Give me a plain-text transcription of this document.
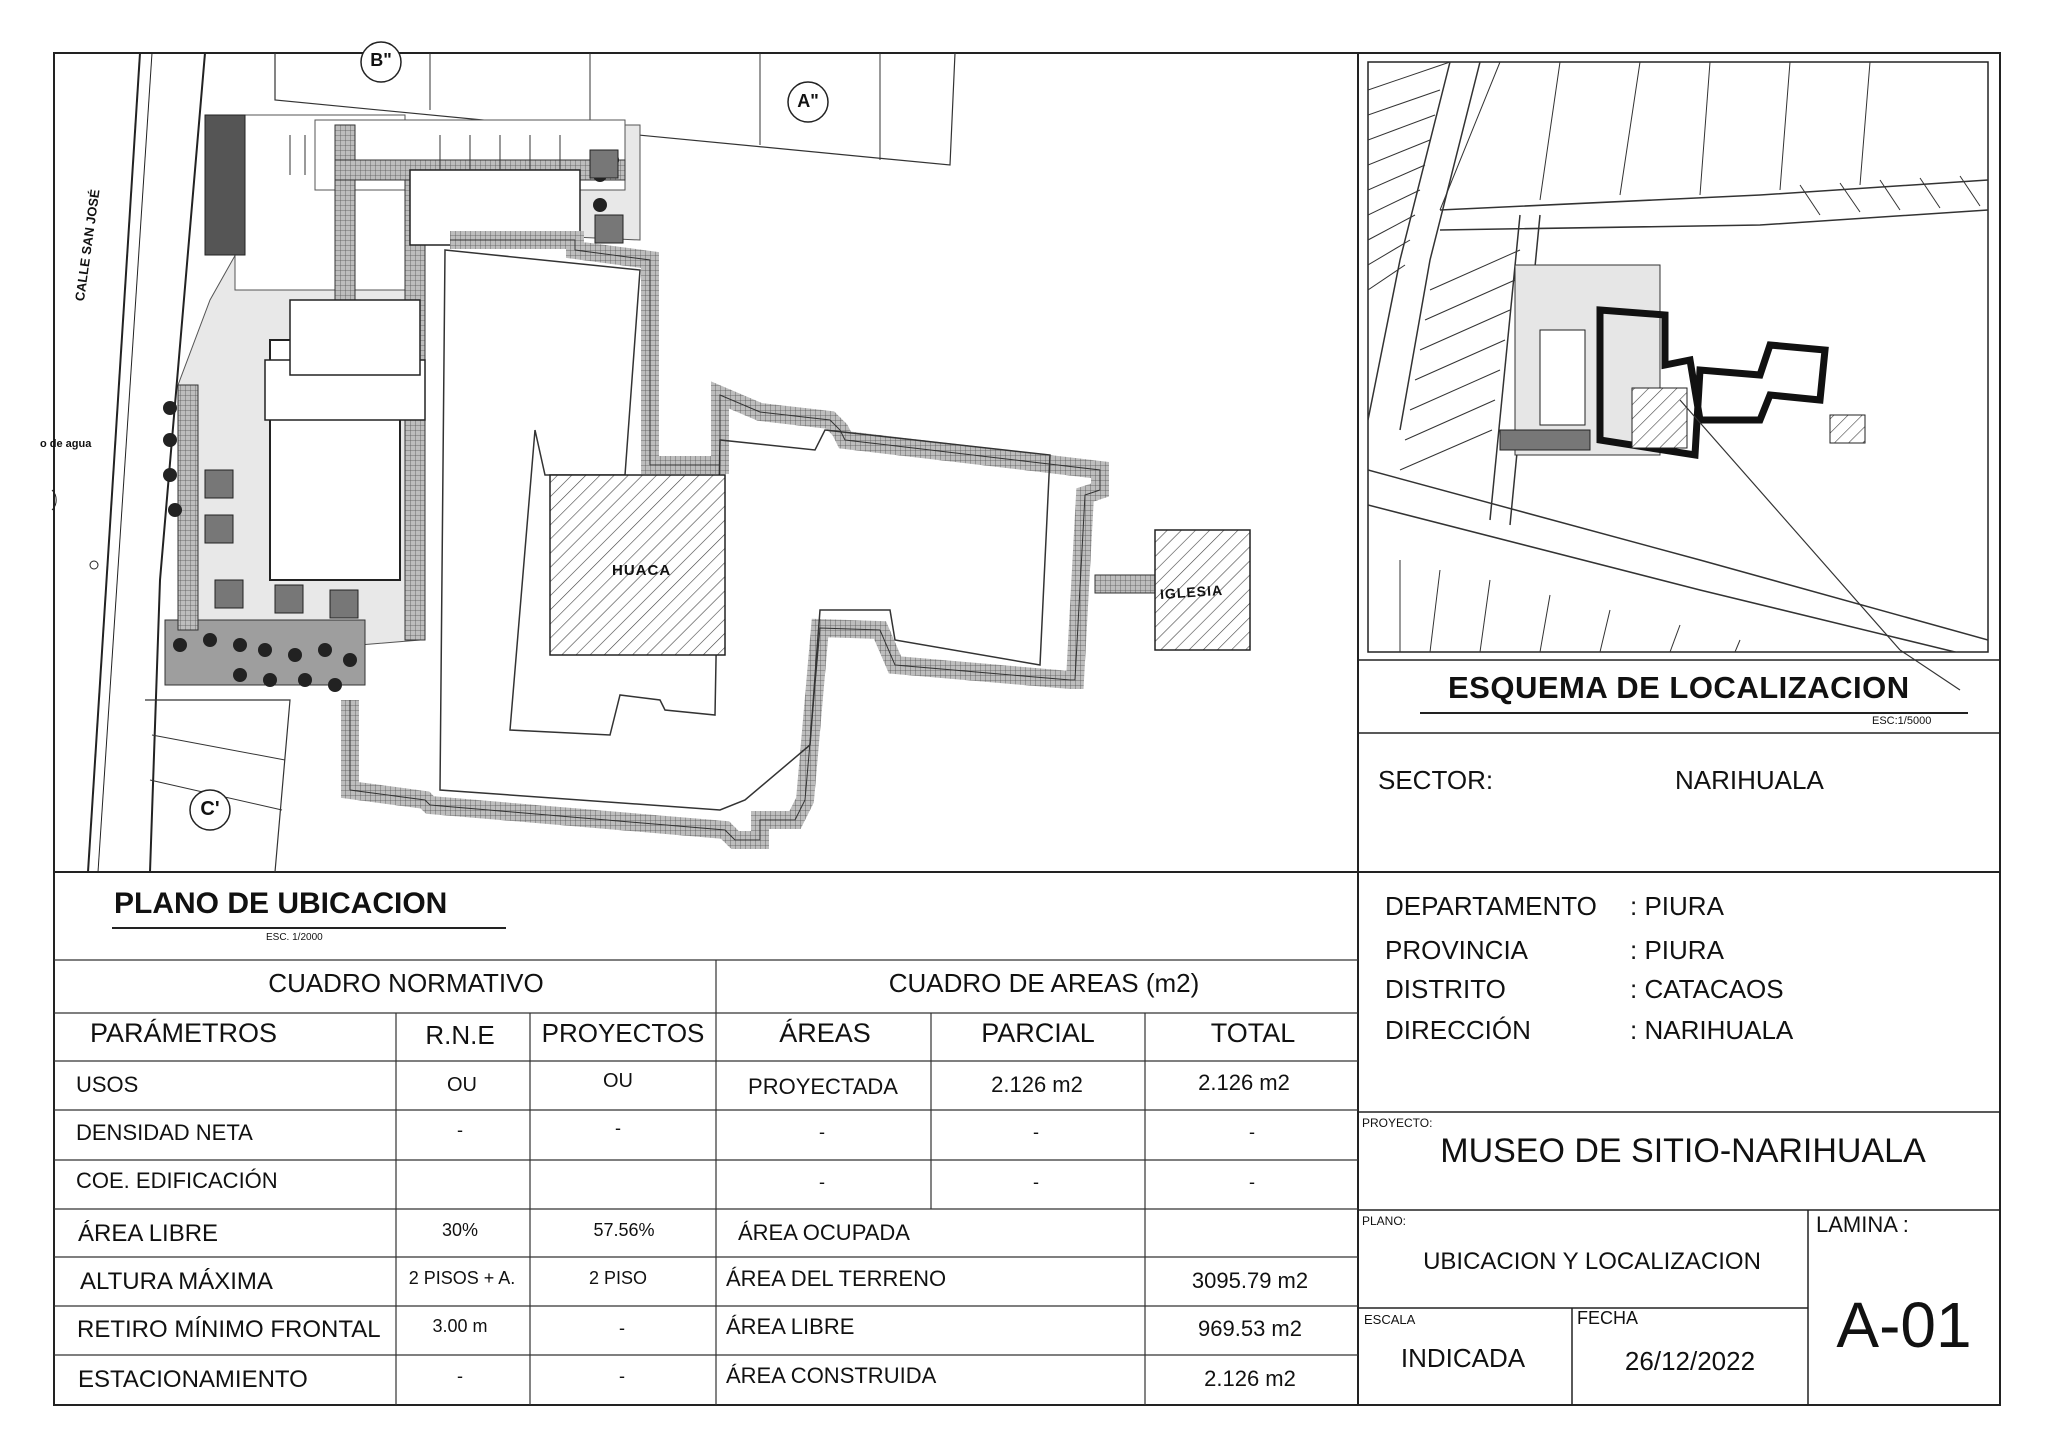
HUACA
IGLESIA
CALLE SAN JOSÉ
o de agua
B"
A"
C'
PLANO DE UBICACION
ESC. 1/2000
ESQUEMA DE LOCALIZACION
ESC:1/5000
SECTOR:	NARIHUALA
DEPARTAMENTO : PIURA
PROVINCIA	: PIURA
DISTRITO	: CATACAOS
DIRECCIÓN	: NARIHUALA
PROYECTO:
MUSEO DE SITIO-NARIHUALA
PLANO:
UBICACION Y LOCALIZACION
LAMINA :
A-01
ESCALA
INDICADA
FECHA
26/12/2022
CUADRO NORMATIVO
PARÁMETROS	R.N.E PROYECTOS
USOS	OU	OU
DENSIDAD NETA	-	-
COE. EDIFICACIÓN
ÁREA LIBRE	30%	57.56%
ALTURA MÁXIMA	2 PISOS + A.	2 PISO
RETIRO MÍNIMO FRONTAL	3.00 m	-
ESTACIONAMIENTO	-	-
CUADRO DE AREAS (m2)
ÁREAS	PARCIAL	TOTAL
PROYECTADA	2.126 m2	2.126 m2
-	-	-
-	-	-
ÁREA OCUPADA
ÁREA DEL TERRENO	3095.79 m2
ÁREA LIBRE	969.53 m2
ÁREA CONSTRUIDA	2.126 m2
